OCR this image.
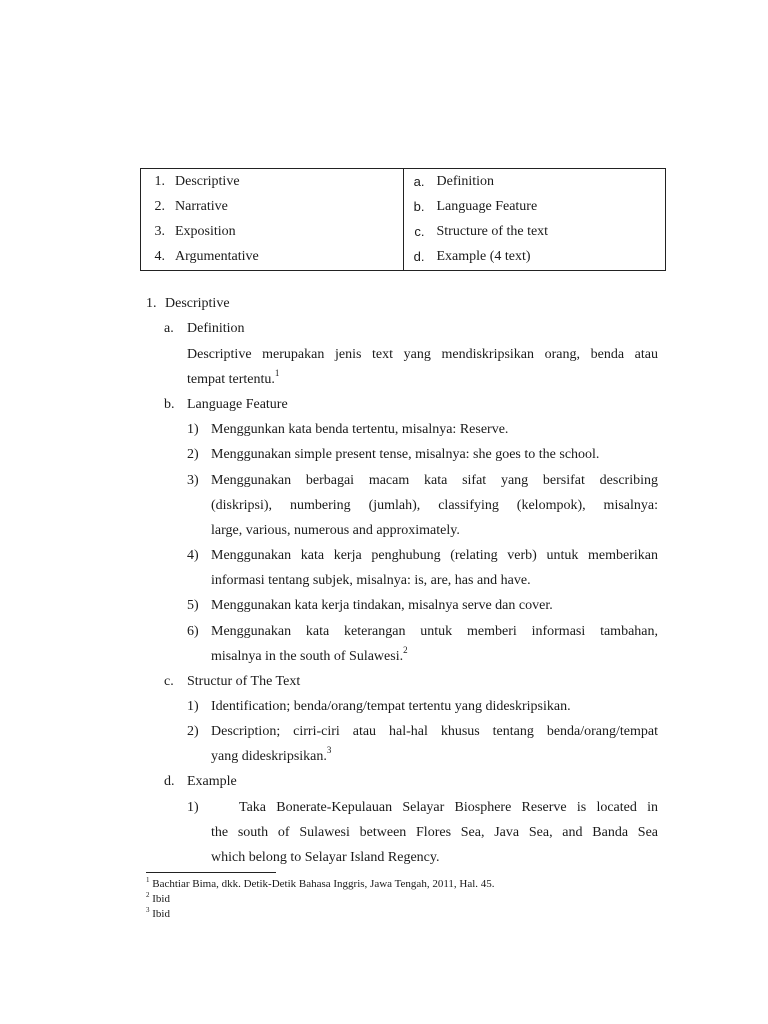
1. Descriptive
2. Narrative
3. Exposition
4. Argumentative
a. Definition
b. Language Feature
c. Structure of the text
d. Example (4 text)
1. Descriptive
a. Definition
Descriptive merupakan jenis text yang mendiskripsikan orang, benda atau
tempat tertentu.$^1$
b. Language Feature
1) Menggunkan kata benda tertentu, misalnya: Reserve.
2) Menggunakan simple present tense, misalnya: she goes to the school.
3) Menggunakan berbagai macam kata sifat yang bersifat describing
(diskripsi), numbering (jumlah), classifying (kelompok), misalnya:
large, various, numerous and approximately.
4) Menggunakan kata kerja penghubung (relating verb) untuk memberikan
informasi tentang subjek, misalnya: is, are, has and have.
5) Menggunakan kata kerja tindakan, misalnya serve dan cover.
6) Menggunakan kata keterangan untuk memberi informasi tambahan,
misalnya in the south of Sulawesi.$^2$
c. Structur of The Text
1) Identification; benda/orang/tempat tertentu yang dideskripsikan.
2) Description; cirri-ciri atau hal-hal khusus tentang benda/orang/tempat
yang dideskripsikan.$^3$
d. Example
1)	Taka Bonerate-Kepulauan Selayar Biosphere Reserve is located in
the south of Sulawesi between Flores Sea, Java Sea, and Banda Sea
which belong to Selayar Island Regency.
$^1$ Bachtiar Bima, dkk. Detik-Detik Bahasa Inggris, Jawa Tengah, 2011, Hal. 45.
$^2$ Ibid
$^3$ Ibid
